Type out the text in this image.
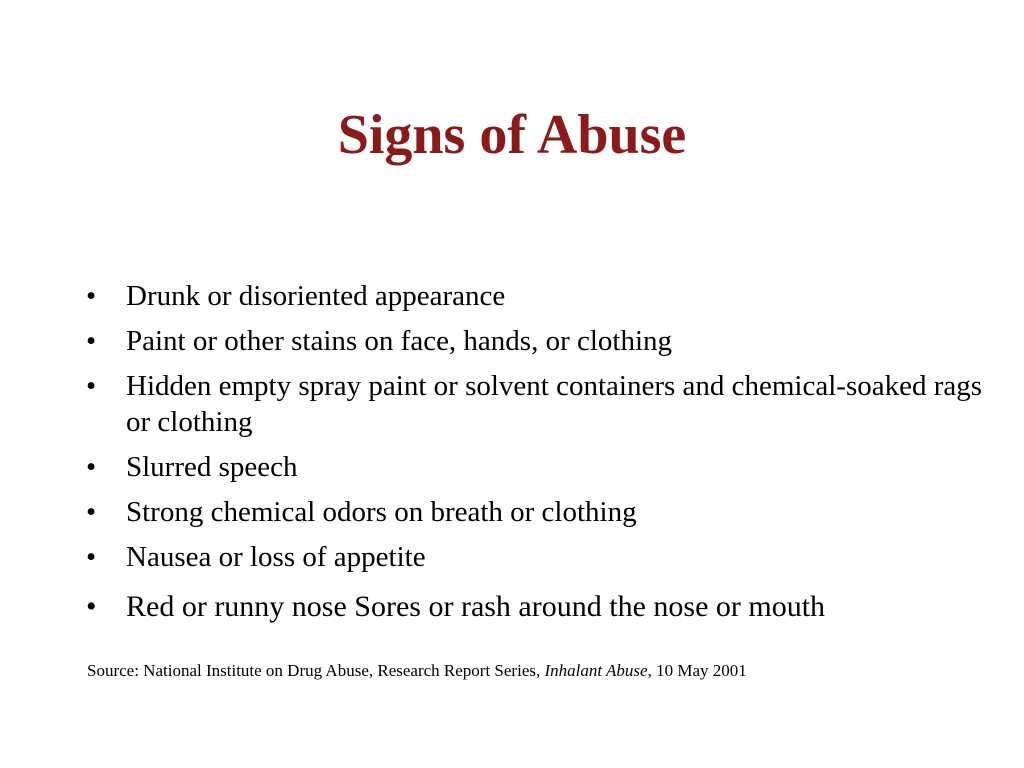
Signs of Abuse
•	Drunk or disoriented appearance
•	Paint or other stains on face, hands, or clothing
•	Hidden empty spray paint or solvent containers and chemical-soaked rags or clothing
•	Slurred speech
•	Strong chemical odors on breath or clothing
•	Nausea or loss of appetite
• Red or runny nose Sores or rash around the nose or mouth

Source: National Institute on Drug Abuse, Research Report Series, Inhalant Abuse, 10 May 2001
